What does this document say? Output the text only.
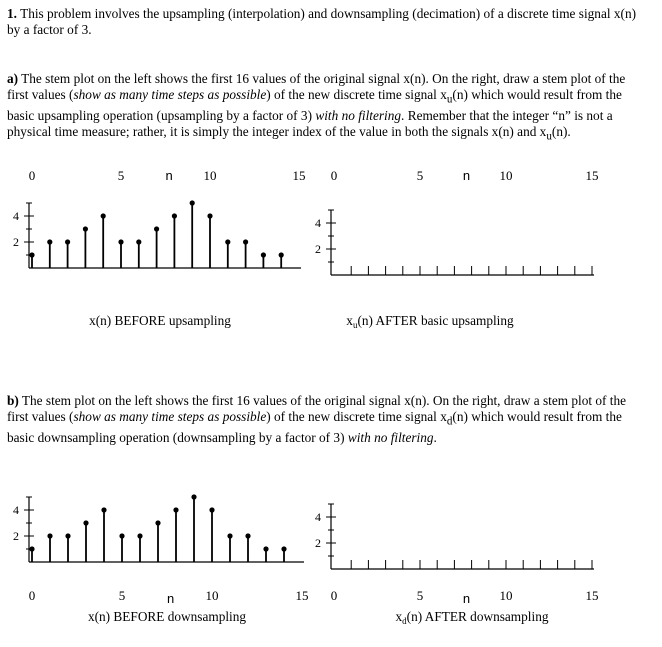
1. This problem involves the upsampling (interpolation) and downsampling (decimation) of a discrete time signal x(n) by a factor of 3.
a) The stem plot on the left shows the first 16 values of the original signal x(n). On the right, draw a stem plot of the first values (show as many time steps as possible) of the new discrete time signal $x_u(n)$ which would result from the basic upsampling operation (upsampling by a factor of 3) with no filtering. Remember that the integer “n” is not a physical time measure; rather, it is simply the integer index of the value in both the signals x(n) and $x_u(n)$.
4
2
0	5	10	15
n
4
2
0	5	10	15
n
x(n) BEFORE upsampling	$x_u(n)$ AFTER basic upsampling
b) The stem plot on the left shows the first 16 values of the original signal x(n). On the right, draw a stem plot of the first values (show as many time steps as possible) of the new discrete time signal $x_d(n)$ which would result from the basic downsampling operation (downsampling by a factor of 3) with no filtering.
4
2
0	5	10	15
n
4
2
0	5	10	15
n
x(n) BEFORE downsampling	$x_d(n)$ AFTER downsampling
